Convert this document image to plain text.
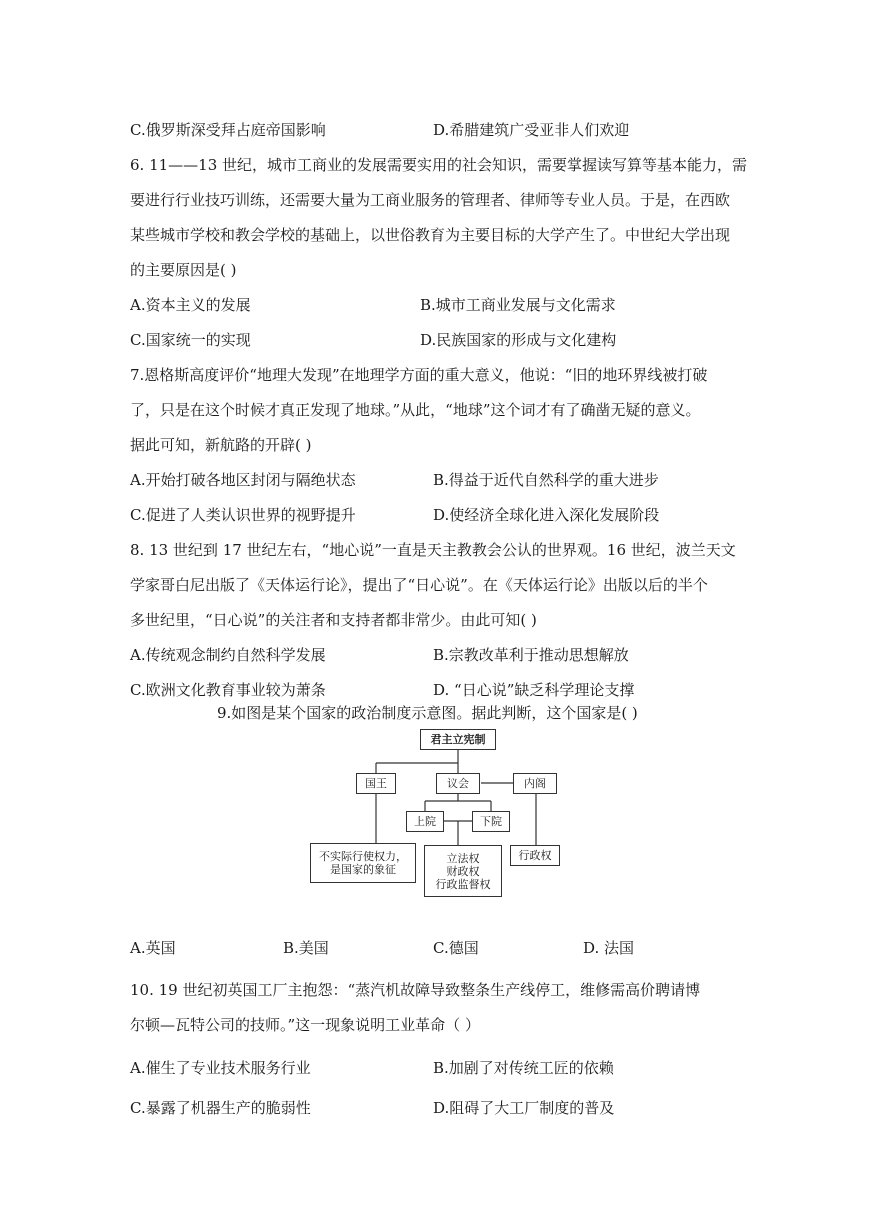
C.俄罗斯深受拜占庭帝国影响	D.希腊建筑广受亚非人们欢迎
6. 11——13 世纪，城市工商业的发展需要实用的社会知识，需要掌握读写算等基本能力，需
要进行行业技巧训练，还需要大量为工商业服务的管理者、律师等专业人员。于是，在西欧
某些城市学校和教会学校的基础上，以世俗教育为主要目标的大学产生了。中世纪大学出现
的主要原因是( )
A.资本主义的发展	B.城市工商业发展与文化需求
C.国家统一的实现	D.民族国家的形成与文化建构
7.恩格斯高度评价“地理大发现”在地理学方面的重大意义，他说：“旧的地环界线被打破
了，只是在这个时候才真正发现了地球。”从此，“地球”这个词才有了确凿无疑的意义。
据此可知，新航路的开辟( )
A.开始打破各地区封闭与隔绝状态	B.得益于近代自然科学的重大进步
C.促进了人类认识世界的视野提升	D.使经济全球化进入深化发展阶段
8. 13 世纪到 17 世纪左右，“地心说”一直是天主教教会公认的世界观。16 世纪，波兰天文
学家哥白尼出版了《天体运行论》，提出了“日心说”。在《天体运行论》出版以后的半个
多世纪里，“日心说”的关注者和支持者都非常少。由此可知( )
A.传统观念制约自然科学发展	B.宗教改革利于推动思想解放
C.欧洲文化教育事业较为萧条	D. “日心说”缺乏科学理论支撑
9.如图是某个国家的政治制度示意图。据此判断，这个国家是( )
君主立宪制
国王	议会	内阁
上院	下院
不实际行使权力，
是国家的象征
立法权
财政权
行政监督权
行政权
A.英国	B.美国	C.德国	D. 法国
10. 19 世纪初英国工厂主抱怨：“蒸汽机故障导致整条生产线停工，维修需高价聘请博
尔顿—瓦特公司的技师。”这一现象说明工业革命（ ）
A.催生了专业技术服务行业	B.加剧了对传统工匠的依赖
C.暴露了机器生产的脆弱性	D.阻碍了大工厂制度的普及
